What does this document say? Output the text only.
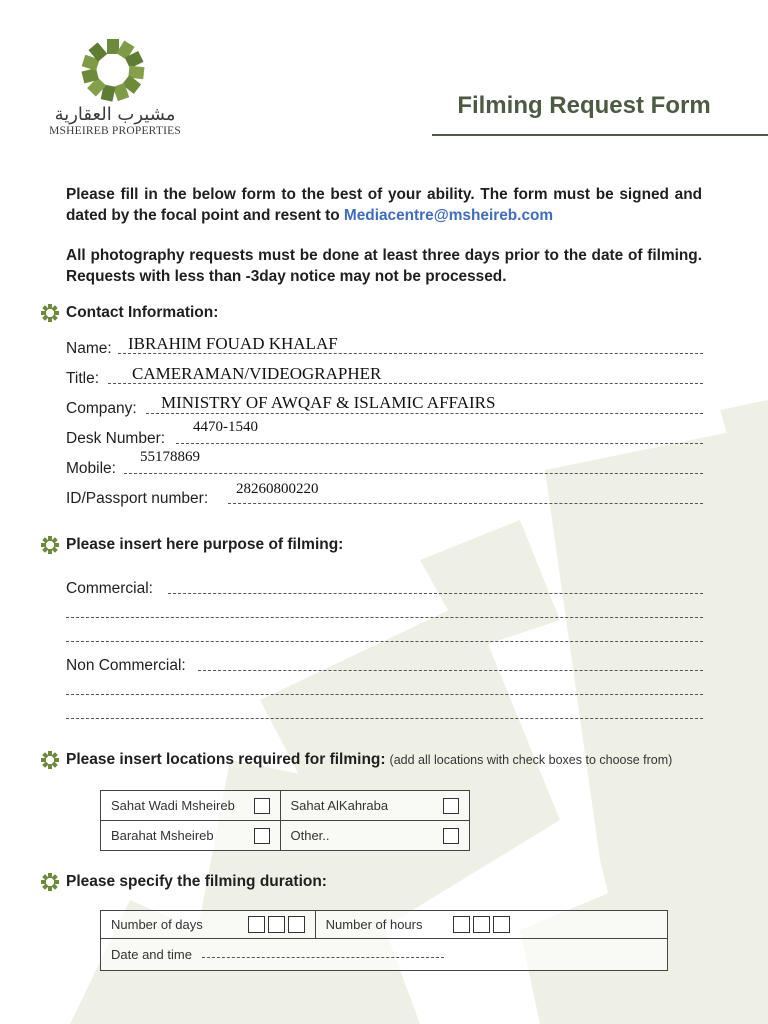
مشيرب العقارية
MSHEIREB PROPERTIES
Filming Request Form
Please fill in the below form to the best of your ability. The form must be signed and dated by the focal point and resent to Mediacentre@msheireb.com
All photography requests must be done at least three days prior to the date of filming. Requests with less than -3day notice may not be processed.
Contact Information:
Name: IBRAHIM FOUAD KHALAF
Title: CAMERAMAN/VIDEOGRAPHER
Company: MINISTRY OF AWQAF & ISLAMIC AFFAIRS
Desk Number:
4470-1540
Mobile:
55178869
ID/Passport number:
28260800220
Please insert here purpose of filming:
Commercial:
Non Commercial:
Please insert locations required for filming: (add all locations with check boxes to choose from)
Sahat Wadi Msheireb	Sahat AlKahraba

Barahat Msheireb	Other..
Please specify the filming duration:
Number of days	Number of hours

Date and time
